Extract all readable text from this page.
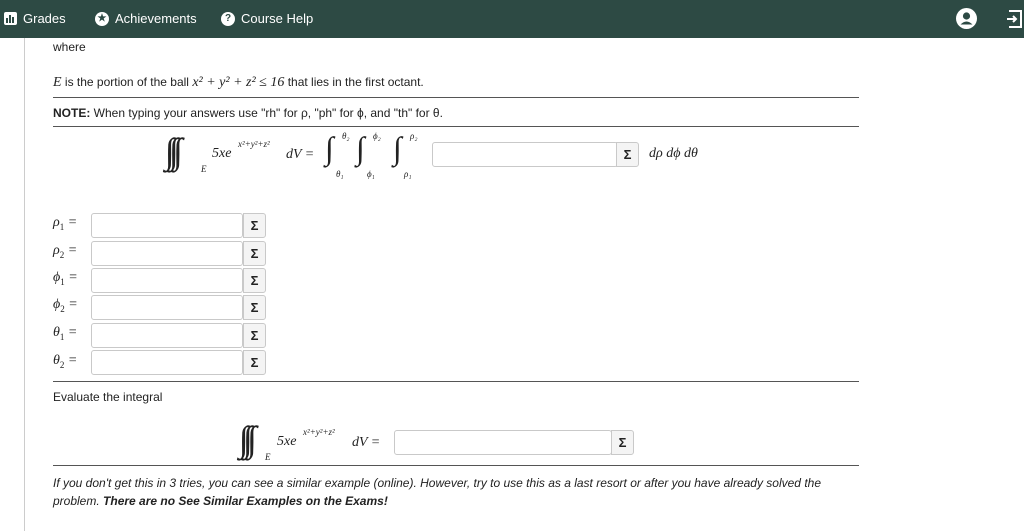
Grades	★ Achievements	? Course Help
where
E is the portion of the ball x² + y² + z² ≤ 16 that lies in the first octant.
NOTE: When typing your answers use "rh" for ρ, "ph" for ϕ, and "th" for θ.
E
5xe
x²+y²+z²
dV = ∫ θ₂
θ₁
∫ ϕ₂
ϕ₁
∫ ρ₂
ρ₁
Σ	dρ dϕ dθ
$\rho_1$ =	Σ
$\rho_2$ =	Σ
$\phi_1$ =	Σ
$\phi_2$ =	Σ
$\theta_1$ =	Σ
$\theta_2$ =	Σ
Evaluate the integral
E
5xe
x²+y²+z²
dV =	Σ
If you don't get this in 3 tries, you can see a similar example (online). However, try to use this as a last resort or after you have already solved the problem. There are no See Similar Examples on the Exams!
